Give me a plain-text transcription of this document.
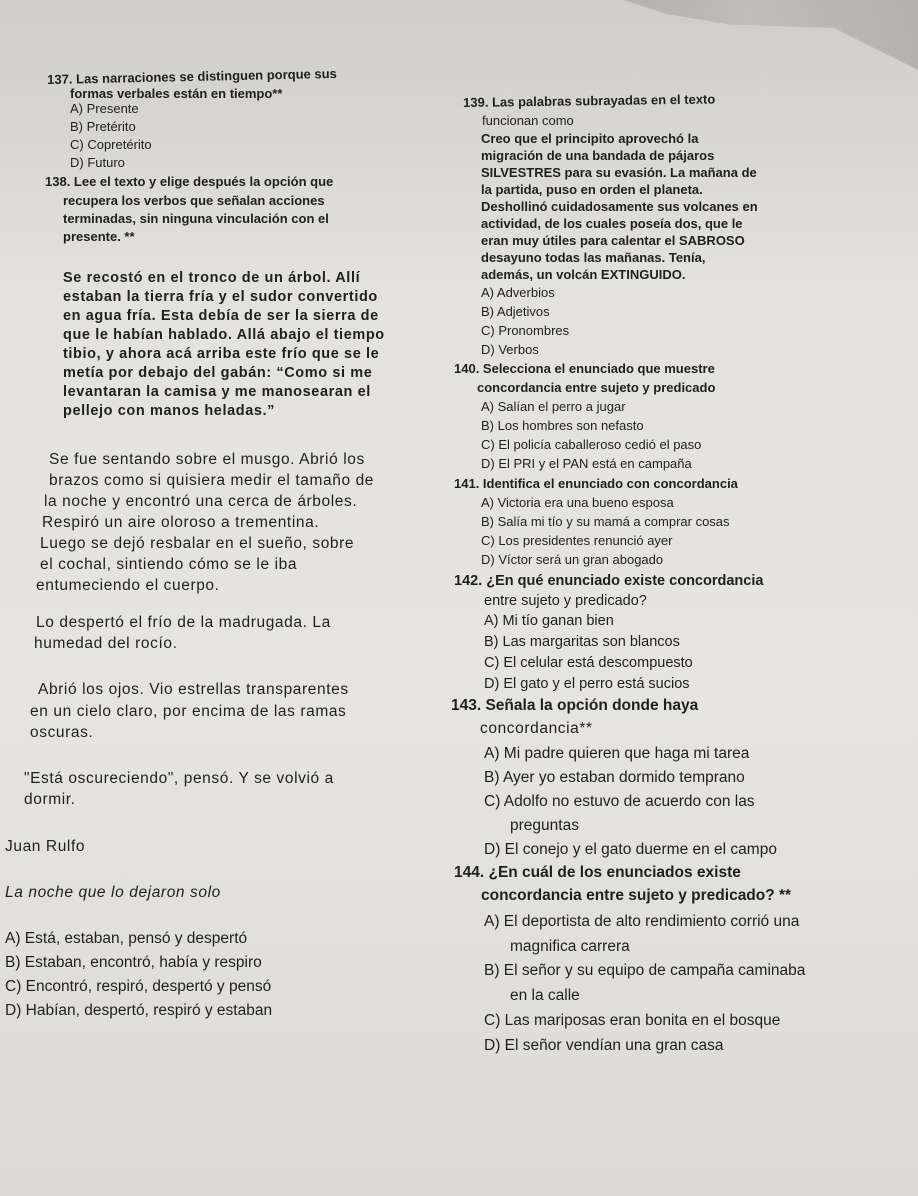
137. Las narraciones se distinguen porque sus
formas verbales están en tiempo**
A) Presente
B) Pretérito
C) Copretérito
D) Futuro
138. Lee el texto y elige después la opción que
recupera los verbos que señalan acciones
terminadas, sin ninguna vinculación con el
presente. **
Se recostó en el tronco de un árbol. Allí
estaban la tierra fría y el sudor convertido
en agua fría. Esta debía de ser la sierra de
que le habían hablado. Allá abajo el tiempo
tibio, y ahora acá arriba este frío que se le
metía por debajo del gabán: “Como si me
levantaran la camisa y me manosearan el
pellejo con manos heladas.”
Se fue sentando sobre el musgo. Abrió los
brazos como si quisiera medir el tamaño de
la noche y encontró una cerca de árboles.
Respiró un aire oloroso a trementina.
Luego se dejó resbalar en el sueño, sobre
el cochal, sintiendo cómo se le iba
entumeciendo el cuerpo.
Lo despertó el frío de la madrugada. La
humedad del rocío.
Abrió los ojos. Vio estrellas transparentes
en un cielo claro, por encima de las ramas
oscuras.
"Está oscureciendo", pensó. Y se volvió a
dormir.
Juan Rulfo
La noche que lo dejaron solo
A) Está, estaban, pensó y despertó
B) Estaban, encontró, había y respiro
C) Encontró, respiró, despertó y pensó
D) Habían, despertó, respiró y estaban
139. Las palabras subrayadas en el texto
funcionan como
Creo que el principito aprovechó la
migración de una bandada de pájaros
SILVESTRES para su evasión. La mañana de
la partida, puso en orden el planeta.
Deshollinó cuidadosamente sus volcanes en
actividad, de los cuales poseía dos, que le
eran muy útiles para calentar el SABROSO
desayuno todas las mañanas. Tenía,
además, un volcán EXTINGUIDO.
A) Adverbios
B) Adjetivos
C) Pronombres
D) Verbos
140. Selecciona el enunciado que muestre
concordancia entre sujeto y predicado
A) Salían el perro a jugar
B) Los hombres son nefasto
C) El policía caballeroso cedió el paso
D) El PRI y el PAN está en campaña
141. Identifica el enunciado con concordancia
A) Victoria era una bueno esposa
B) Salía mi tío y su mamá a comprar cosas
C) Los presidentes renunció ayer
D) Víctor será un gran abogado
142. ¿En qué enunciado existe concordancia
entre sujeto y predicado?
A) Mi tío ganan bien
B) Las margaritas son blancos
C) El celular está descompuesto
D) El gato y el perro está sucios
143. Señala la opción donde haya
concordancia**
A) Mi padre quieren que haga mi tarea
B) Ayer yo estaban dormido temprano
C) Adolfo no estuvo de acuerdo con las
preguntas
D) El conejo y el gato duerme en el campo
144. ¿En cuál de los enunciados existe
concordancia entre sujeto y predicado? **
A) El deportista de alto rendimiento corrió una
magnifica carrera
B) El señor y su equipo de campaña caminaba
en la calle
C) Las mariposas eran bonita en el bosque
D) El señor vendían una gran casa
